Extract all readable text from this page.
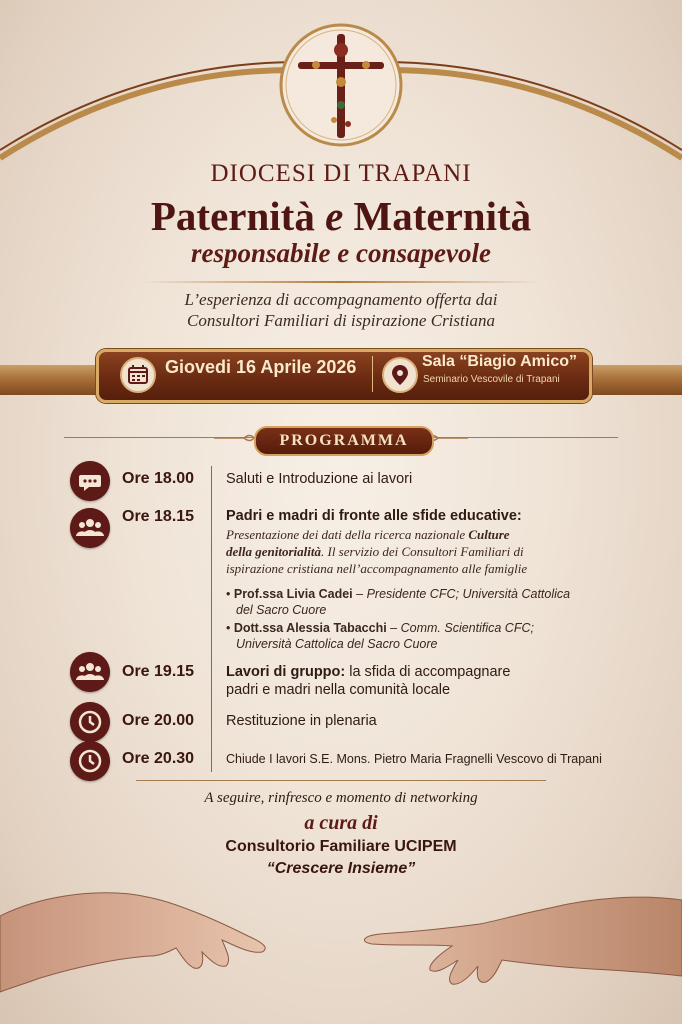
DIOCESI DI TRAPANI
Paternità e Maternità
responsabile e consapevole
L’esperienza di accompagnamento offerta dai
Consultori Familiari di ispirazione Cristiana
Giovedi 16 Aprile 2026	Sala “Biagio Amico”
Seminario Vescovile di Trapani
PROGRAMMA
Ore 18.00 Saluti e Introduzione ai lavori
Ore 18.15 Padri e madri di fronte alle sfide educative:
Presentazione dei dati della ricerca nazionale Culture
della genitorialità. Il servizio dei Consultori Familiari di
ispirazione cristiana nell’accompagnamento alle famiglie
• Prof.ssa Livia Cadei – Presidente CFC; Università Cattolica
del Sacro Cuore
• Dott.ssa Alessia Tabacchi – Comm. Scientifica CFC;
Università Cattolica del Sacro Cuore
Ore 19.15 Lavori di gruppo: la sfida di accompagnare
padri e madri nella comunità locale
Ore 20.00 Restituzione in plenaria
Ore 20.30	Chiude I lavori S.E. Mons. Pietro Maria Fragnelli Vescovo di Trapani
A seguire, rinfresco e momento di networking
a cura di
Consultorio Familiare UCIPEM
“Crescere Insieme”
